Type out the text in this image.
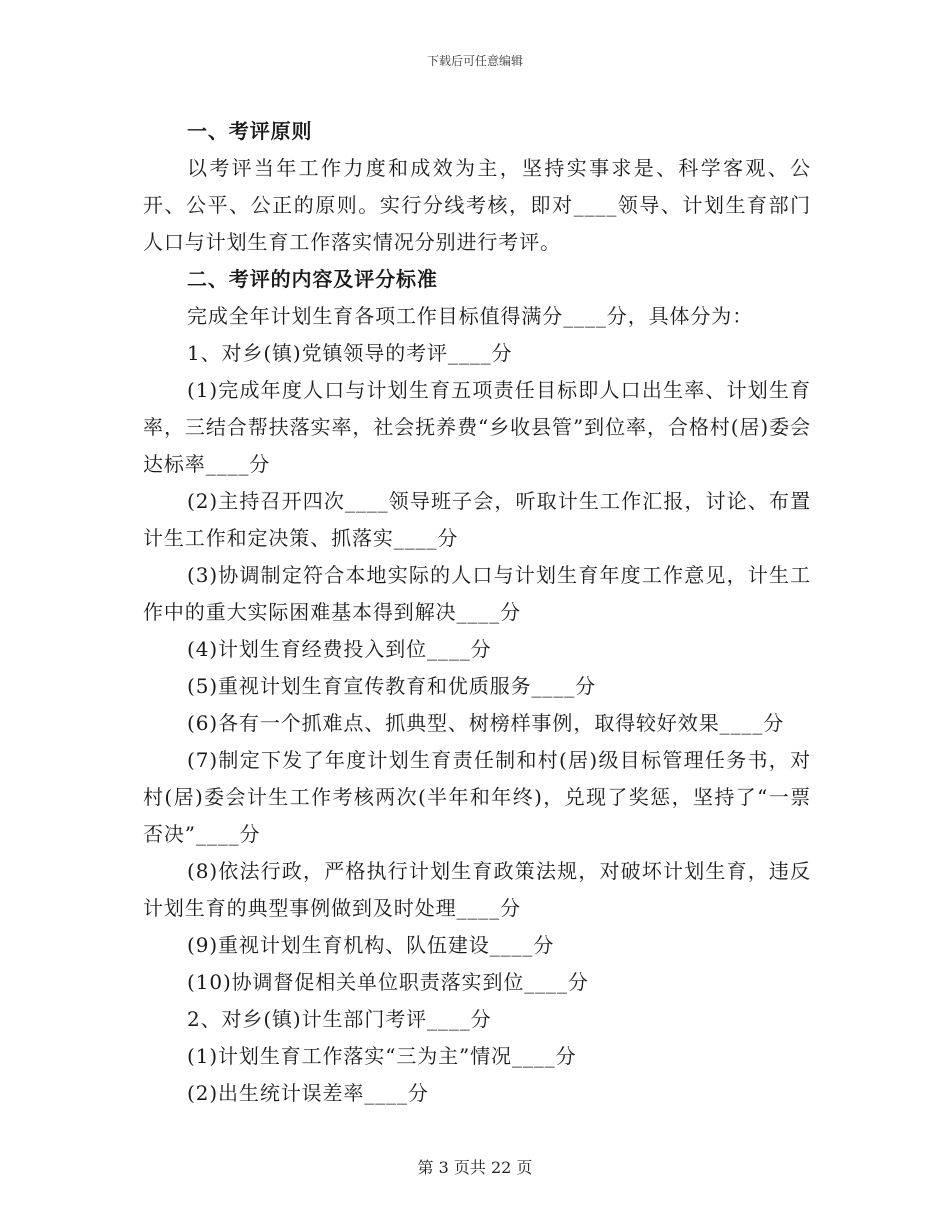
下载后可任意编辑

一、考评原则

以考评当年工作力度和成效为主，坚持实事求是、科学客观、公开、公平、公正的原则。实行分线考核，即对____领导、计划生育部门人口与计划生育工作落实情况分别进行考评。

二、考评的内容及评分标准

完成全年计划生育各项工作目标值得满分____分，具体分为：

1、对乡(镇)党镇领导的考评____分

(1)完成年度人口与计划生育五项责任目标即人口出生率、计划生育率，三结合帮扶落实率，社会抚养费“乡收县管”到位率，合格村(居)委会达标率____分

(2)主持召开四次____领导班子会，听取计生工作汇报，讨论、布置计生工作和定决策、抓落实____分

(3)协调制定符合本地实际的人口与计划生育年度工作意见，计生工作中的重大实际困难基本得到解决____分

(4)计划生育经费投入到位____分

(5)重视计划生育宣传教育和优质服务____分

(6)各有一个抓难点、抓典型、树榜样事例，取得较好效果____分

(7)制定下发了年度计划生育责任制和村(居)级目标管理任务书，对村(居)委会计生工作考核两次(半年和年终)，兑现了奖惩，坚持了“一票否决”____分

(8)依法行政，严格执行计划生育政策法规，对破坏计划生育，违反计划生育的典型事例做到及时处理____分

(9)重视计划生育机构、队伍建设____分

(10)协调督促相关单位职责落实到位____分

2、对乡(镇)计生部门考评____分

(1)计划生育工作落实“三为主”情况____分

(2)出生统计误差率____分

第 3 页共 22 页
